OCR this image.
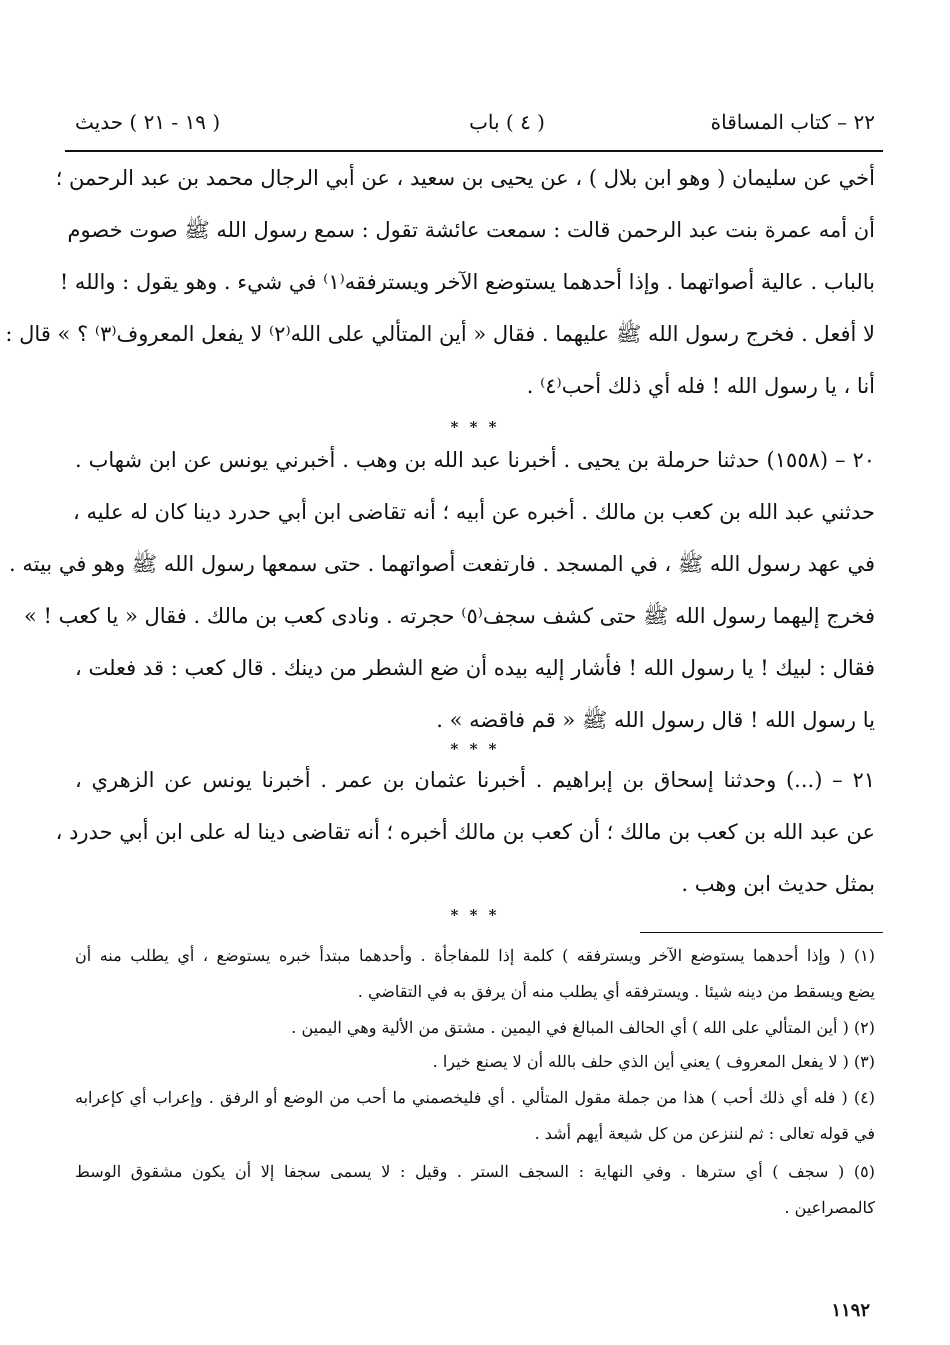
٢٢ – كتاب المساقاة
( ٤ ) باب
( ١٩ - ٢١ ) حديث
أخي عن سليمان ( وهو ابن بلال ) ، عن يحيى بن سعيد ، عن أبي الرجال محمد بن عبد الرحمن ؛
أن أمه عمرة بنت عبد الرحمن قالت : سمعت عائشة تقول : سمع رسول الله ﷺ صوت خصوم
بالباب . عالية أصواتهما . وإذا أحدهما يستوضع الآخر ويسترفقه⁽١⁾ في شيء . وهو يقول : والله !
لا أفعل . فخرج رسول الله ﷺ عليهما . فقال « أين المتألي على الله⁽٢⁾ لا يفعل المعروف⁽٣⁾ ؟ » قال :
أنا ، يا رسول الله ! فله أي ذلك أحب⁽٤⁾ .
* * *
٢٠ – (١٥٥٨) حدثنا حرملة بن يحيى . أخبرنا عبد الله بن وهب . أخبرني يونس عن ابن شهاب .
حدثني عبد الله بن كعب بن مالك . أخبره عن أبيه ؛ أنه تقاضى ابن أبي حدرد دينا كان له عليه ،
في عهد رسول الله ﷺ ، في المسجد . فارتفعت أصواتهما . حتى سمعها رسول الله ﷺ وهو في بيته .
فخرج إليهما رسول الله ﷺ حتى كشف سجف⁽٥⁾ حجرته . ونادى كعب بن مالك . فقال « يا كعب ! »
فقال : لبيك ! يا رسول الله ! فأشار إليه بيده أن ضع الشطر من دينك . قال كعب : قد فعلت ،
يا رسول الله ! قال رسول الله ﷺ « قم فاقضه » .
* * *
٢١ – (...) وحدثنا إسحاق بن إبراهيم . أخبرنا عثمان بن عمر . أخبرنا يونس عن الزهري ،
عن عبد الله بن كعب بن مالك ؛ أن كعب بن مالك أخبره ؛ أنه تقاضى دينا له على ابن أبي حدرد ،
بمثل حديث ابن وهب .
* * *
(١) ( وإذا أحدهما يستوضع الآخر ويسترفقه ) كلمة إذا للمفاجأة . وأحدهما مبتدأ خبره يستوضع ، أي يطلب منه أن
يضع ويسقط من دينه شيئا . ويسترفقه أي يطلب منه أن يرفق به في التقاضي .
(٢) ( أين المتألي على الله ) أي الحالف المبالغ في اليمين . مشتق من الألية وهي اليمين .
(٣) ( لا يفعل المعروف ) يعني أين الذي حلف بالله أن لا يصنع خيرا .
(٤) ( فله أي ذلك أحب ) هذا من جملة مقول المتألي . أي فليخصمني ما أحب من الوضع أو الرفق . وإعراب أي كإعرابه
في قوله تعالى : ثم لننزعن من كل شيعة أيهم أشد .
(٥) ( سجف ) أي سترها . وفي النهاية : السجف الستر . وقيل : لا يسمى سجفا إلا أن يكون مشقوق الوسط
كالمصراعين .
١١٩٢
